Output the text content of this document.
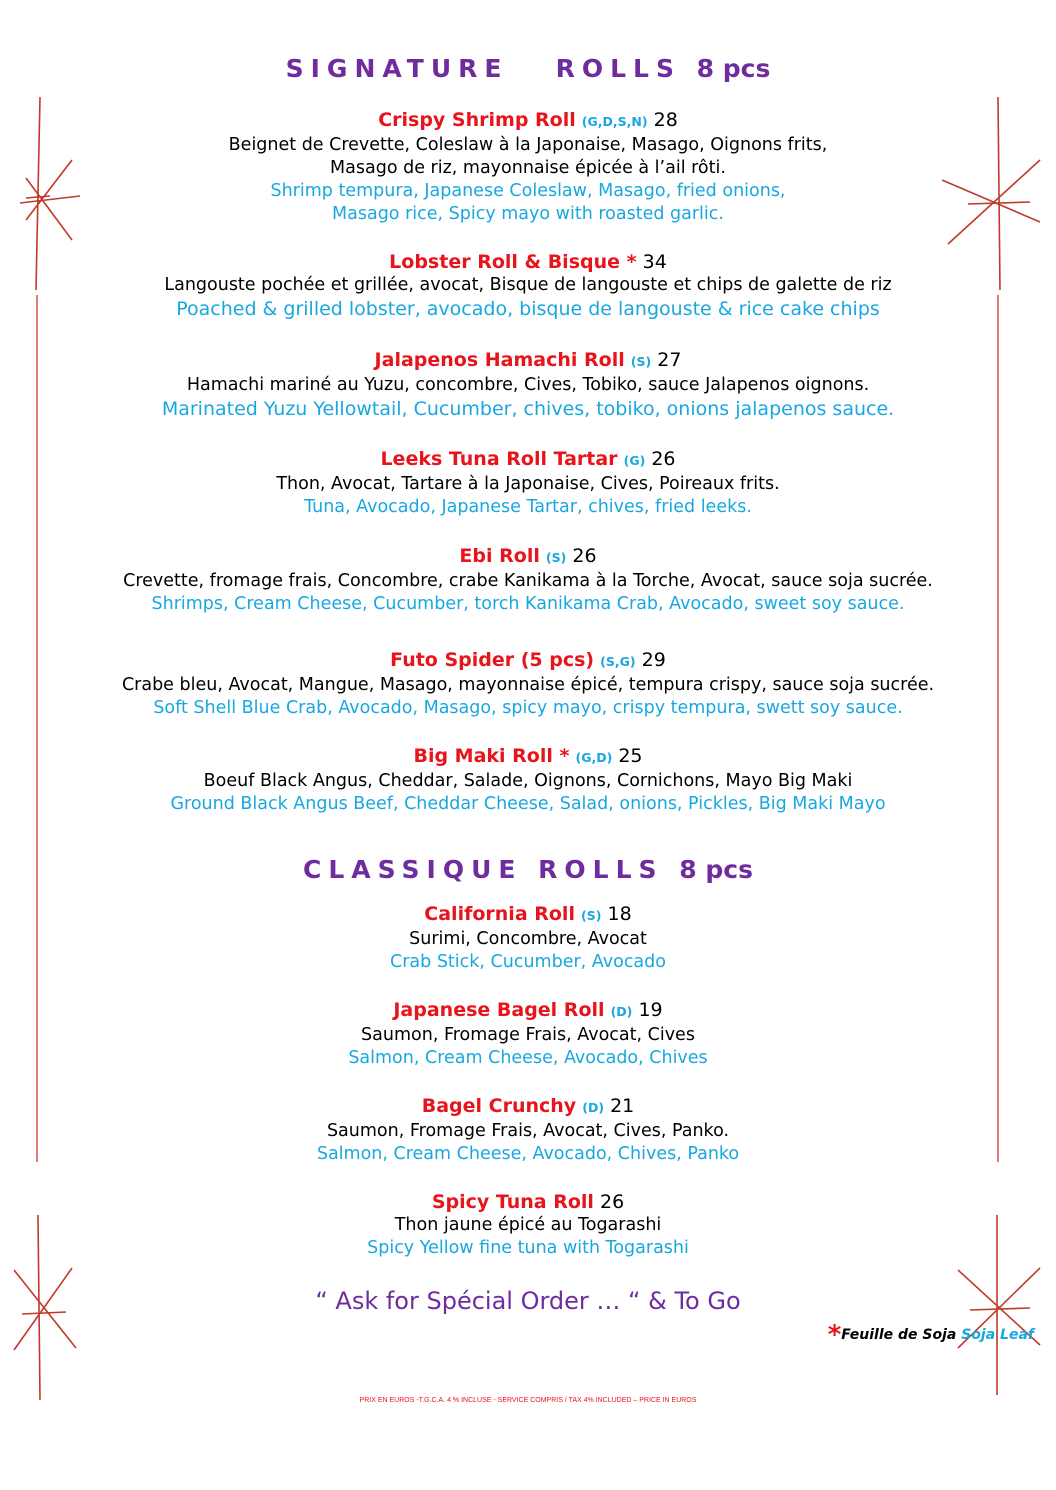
SIGNATURE   ROLLS 8 pcs
Crispy Shrimp Roll (G,D,S,N) 28
Beignet de Crevette, Coleslaw à la Japonaise, Masago, Oignons frits,
Masago de riz, mayonnaise épicée à l’ail rôti.
Shrimp tempura, Japanese Coleslaw, Masago, fried onions,
Masago rice, Spicy mayo with roasted garlic.
Lobster Roll & Bisque * 34
Langouste pochée et grillée, avocat, Bisque de langouste et chips de galette de riz
Poached & grilled lobster, avocado, bisque de langouste & rice cake chips
Jalapenos Hamachi Roll (S) 27
Hamachi mariné au Yuzu, concombre, Cives, Tobiko, sauce Jalapenos oignons.
Marinated Yuzu Yellowtail, Cucumber, chives, tobiko, onions jalapenos sauce.
Leeks Tuna Roll Tartar (G) 26
Thon, Avocat, Tartare à la Japonaise, Cives, Poireaux frits.
Tuna, Avocado, Japanese Tartar, chives, fried leeks.
Ebi Roll (S) 26
Crevette, fromage frais, Concombre, crabe Kanikama à la Torche, Avocat, sauce soja sucrée.
Shrimps, Cream Cheese, Cucumber, torch Kanikama Crab, Avocado, sweet soy sauce.
Futo Spider (5 pcs) (S,G) 29
Crabe bleu, Avocat, Mangue, Masago, mayonnaise épicé, tempura crispy, sauce soja sucrée.
Soft Shell Blue Crab, Avocado, Masago, spicy mayo, crispy tempura, swett soy sauce.
Big Maki Roll * (G,D) 25
Boeuf Black Angus, Cheddar, Salade, Oignons, Cornichons, Mayo Big Maki
Ground Black Angus Beef, Cheddar Cheese, Salad, onions, Pickles, Big Maki Mayo
CLASSIQUE ROLLS 8 pcs
California Roll (S) 18
Surimi, Concombre, Avocat
Crab Stick, Cucumber, Avocado
Japanese Bagel Roll (D) 19
Saumon, Fromage Frais, Avocat, Cives
Salmon, Cream Cheese, Avocado, Chives
Bagel Crunchy (D) 21
Saumon, Fromage Frais, Avocat, Cives, Panko.
Salmon, Cream Cheese, Avocado, Chives, Panko
Spicy Tuna Roll 26
Thon jaune épicé au Togarashi
Spicy Yellow fine tuna with Togarashi
“ Ask for Spécial Order … “ & To Go
*Feuille de Soja Soja Leaf
PRIX EN EUROS -T.G.C.A. 4 % INCLUSE - SERVICE COMPRIS / TAX 4% INCLUDED – PRICE IN EUROS
